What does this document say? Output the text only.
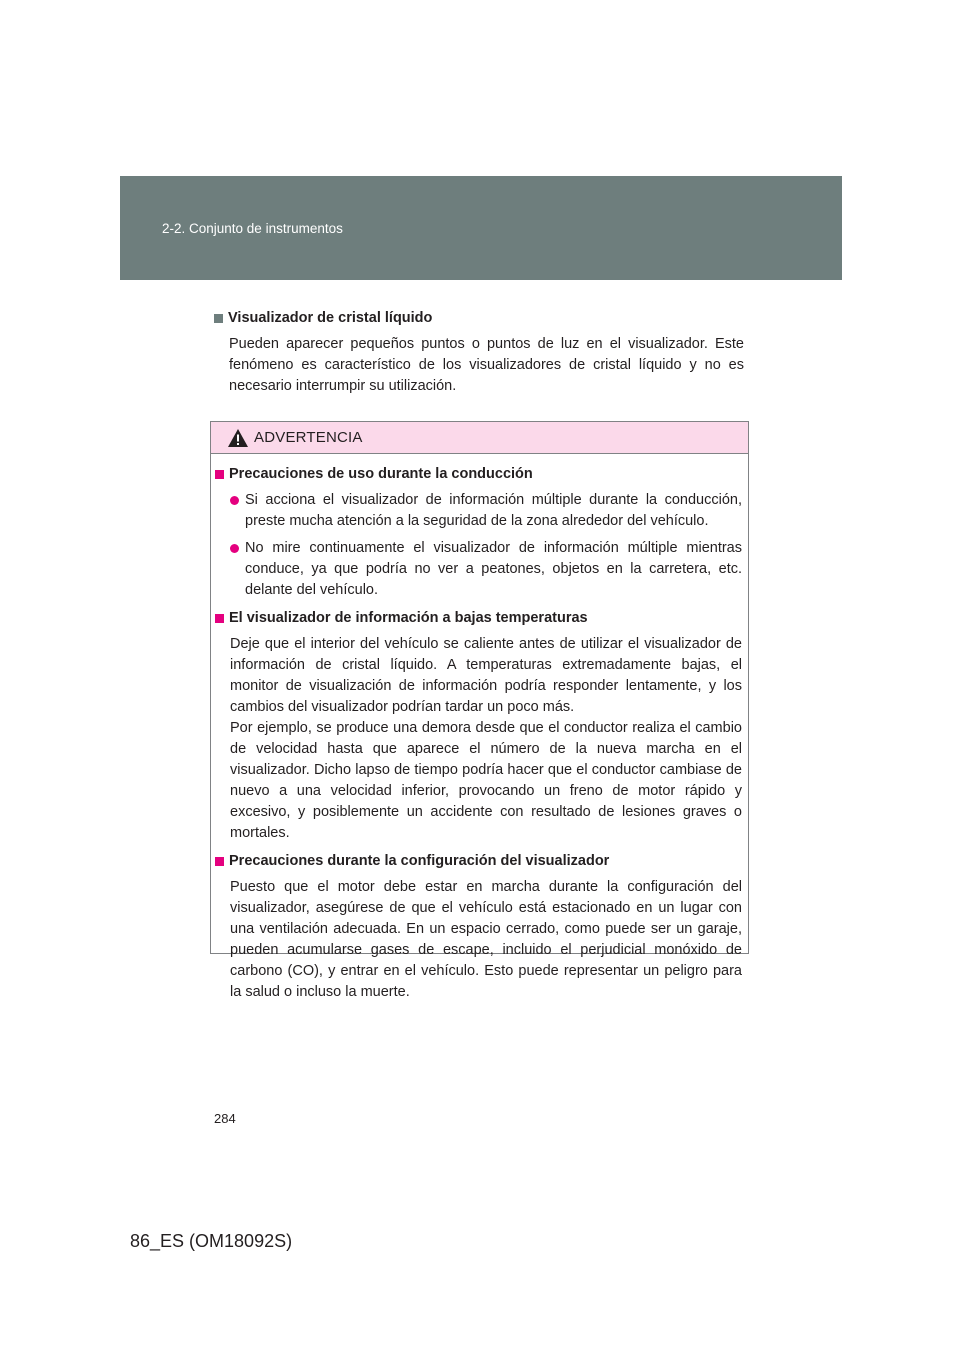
2-2. Conjunto de instrumentos
Visualizador de cristal líquido

Pueden aparecer pequeños puntos o puntos de luz en el visualizador. Este fenómeno es característico de los visualizadores de cristal líquido y no es necesario interrumpir su utilización.

ADVERTENCIA
Precauciones de uso durante la conducción
Si acciona el visualizador de información múltiple durante la conducción, preste mucha atención a la seguridad de la zona alrededor del vehículo.
No mire continuamente el visualizador de información múltiple mientras conduce, ya que podría no ver a peatones, objetos en la carretera, etc. delante del vehículo.
El visualizador de información a bajas temperaturas

Deje que el interior del vehículo se caliente antes de utilizar el visualizador de información de cristal líquido. A temperaturas extremadamente bajas, el monitor de visualización de información podría responder lentamente, y los cambios del visualizador podrían tardar un poco más.

Por ejemplo, se produce una demora desde que el conductor realiza el cambio de velocidad hasta que aparece el número de la nueva marcha en el visualizador. Dicho lapso de tiempo podría hacer que el conductor cambiase de nuevo a una velocidad inferior, provocando un freno de motor rápido y excesivo, y posiblemente un accidente con resultado de lesiones graves o mortales.

Precauciones durante la configuración del visualizador

Puesto que el motor debe estar en marcha durante la configuración del visualizador, asegúrese de que el vehículo está estacionado en un lugar con una ventilación adecuada. En un espacio cerrado, como puede ser un garaje, pueden acumularse gases de escape, incluido el perjudicial monóxido de carbono (CO), y entrar en el vehículo. Esto puede representar un peligro para la salud o incluso la muerte.

284
86_ES (OM18092S)
